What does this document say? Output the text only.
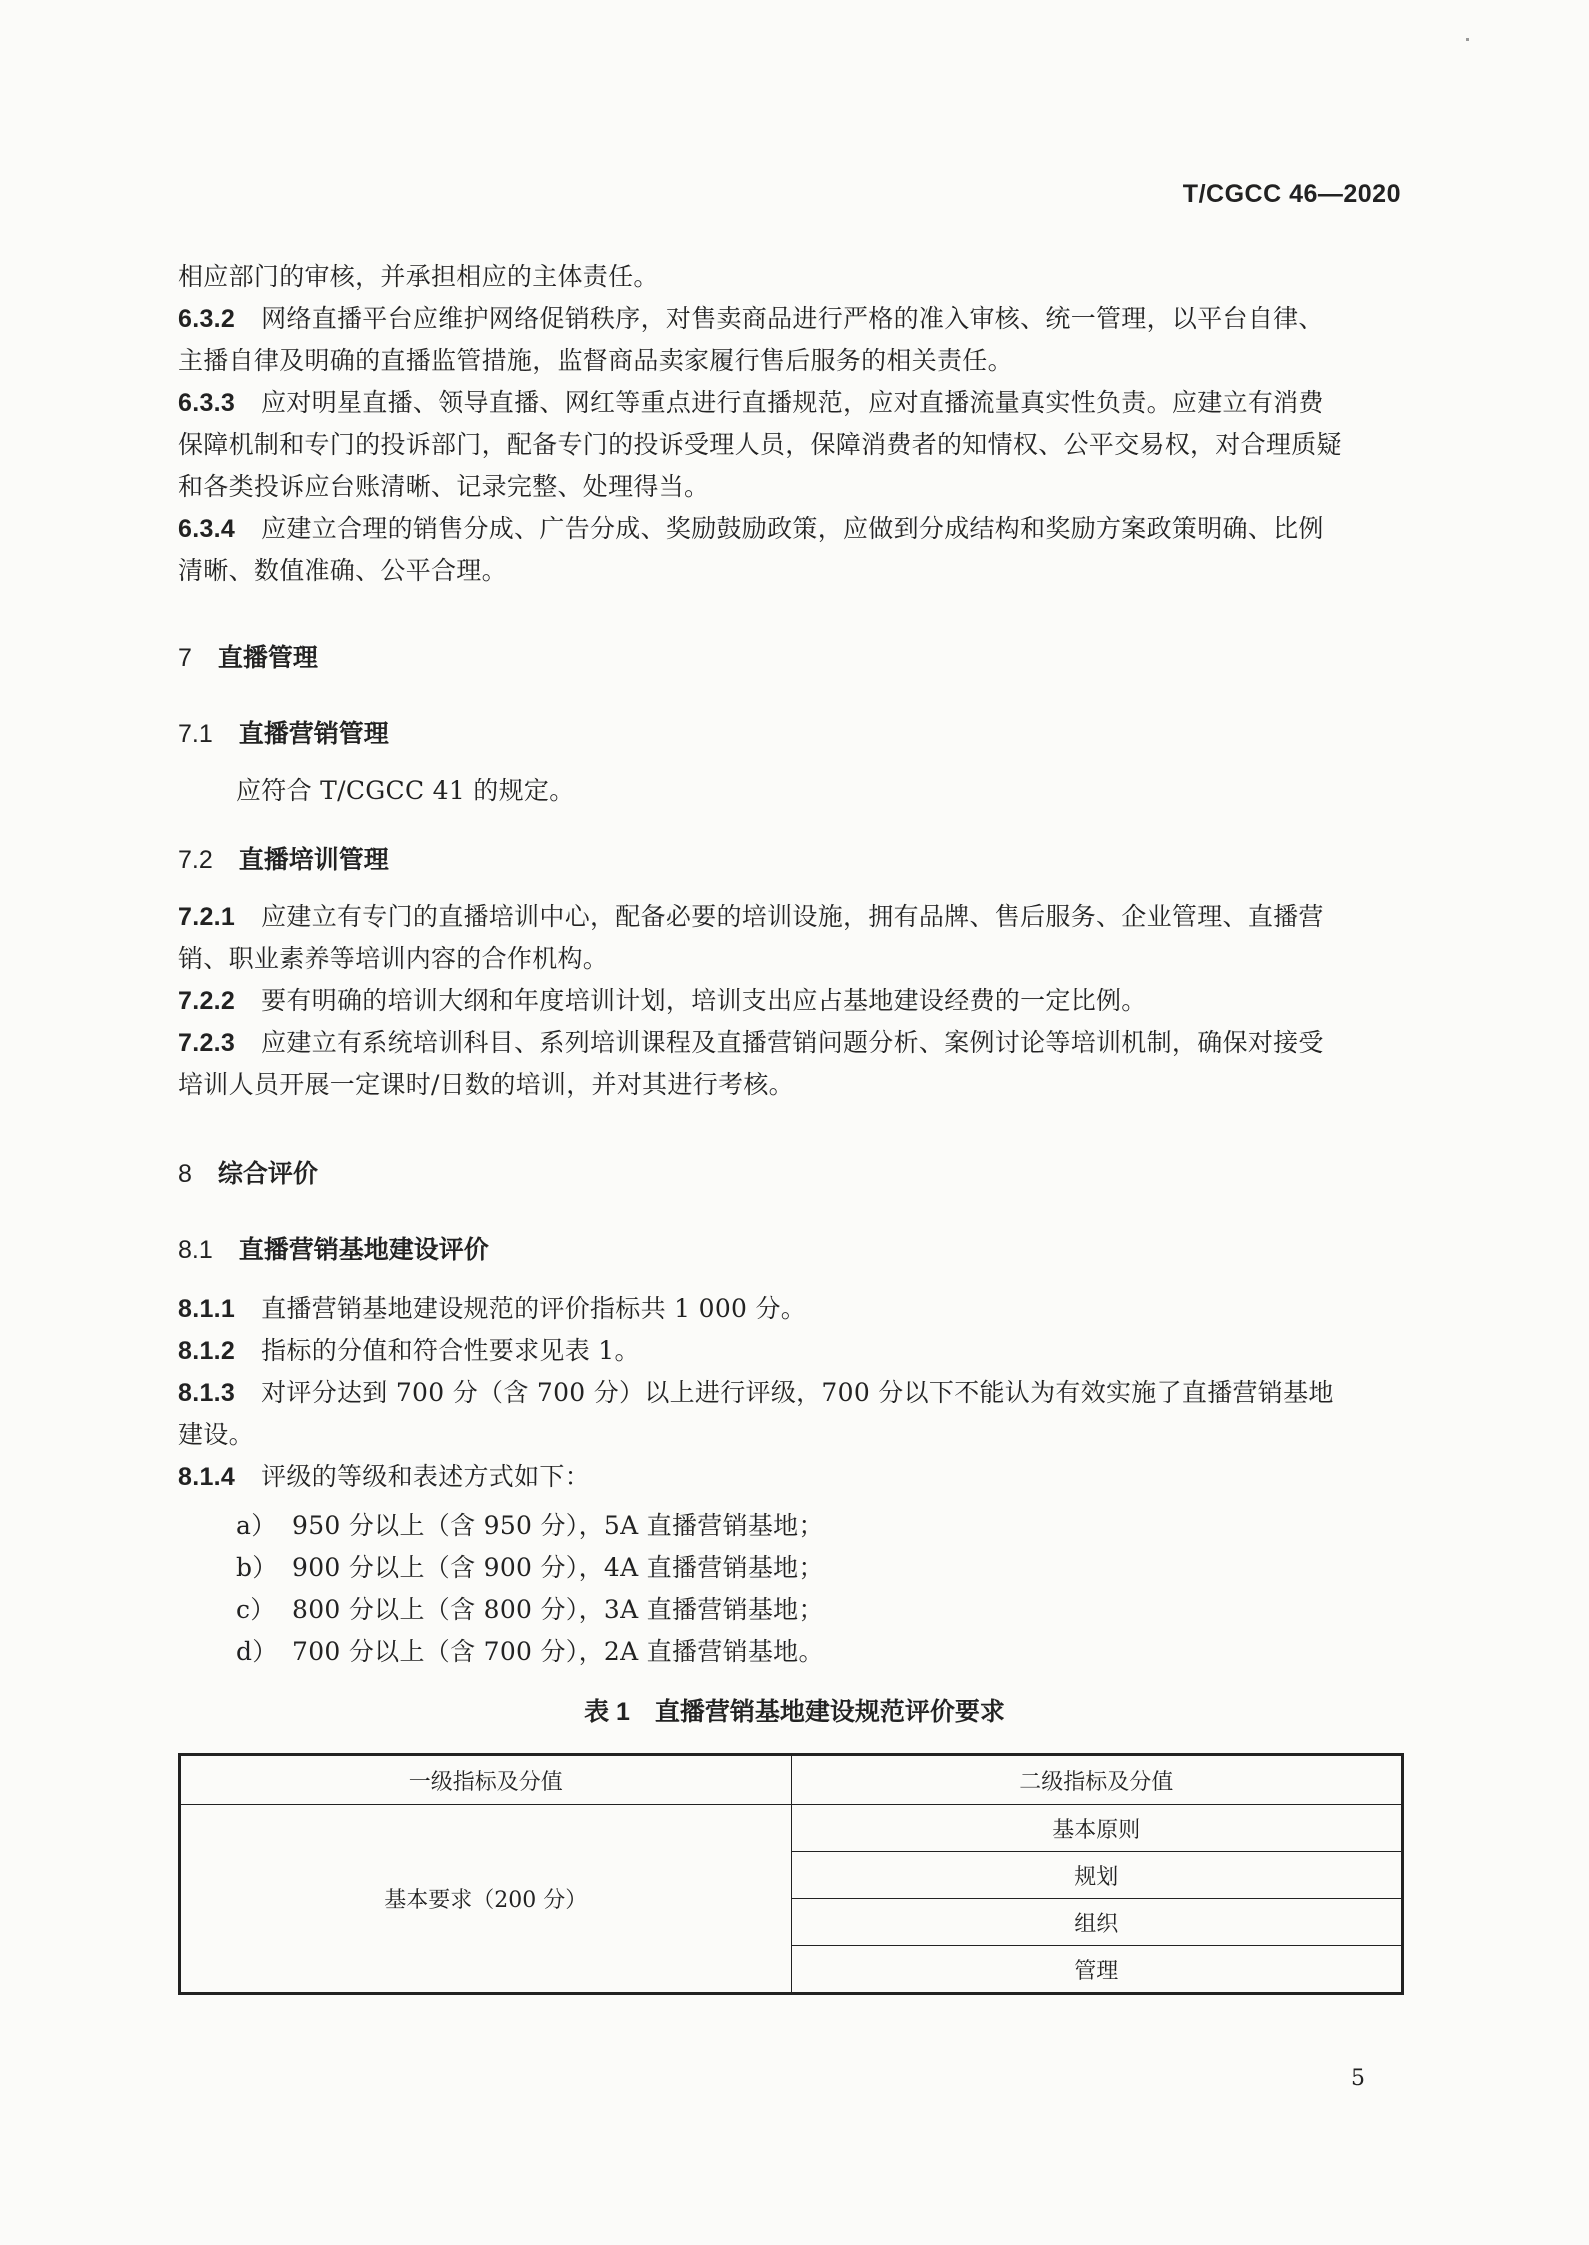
T/CGCC 46—2020
相应部门的审核，并承担相应的主体责任。
6.3.2 网络直播平台应维护网络促销秩序，对售卖商品进行严格的准入审核、统一管理，以平台自律、
主播自律及明确的直播监管措施，监督商品卖家履行售后服务的相关责任。
6.3.3 应对明星直播、领导直播、网红等重点进行直播规范，应对直播流量真实性负责。应建立有消费
保障机制和专门的投诉部门，配备专门的投诉受理人员，保障消费者的知情权、公平交易权，对合理质疑
和各类投诉应台账清晰、记录完整、处理得当。
6.3.4 应建立合理的销售分成、广告分成、奖励鼓励政策，应做到分成结构和奖励方案政策明确、比例
清晰、数值准确、公平合理。
7 直播管理
7.1 直播营销管理
应符合 T/CGCC 41 的规定。
7.2 直播培训管理
7.2.1 应建立有专门的直播培训中心，配备必要的培训设施，拥有品牌、售后服务、企业管理、直播营
销、职业素养等培训内容的合作机构。
7.2.2 要有明确的培训大纲和年度培训计划，培训支出应占基地建设经费的一定比例。
7.2.3 应建立有系统培训科目、系列培训课程及直播营销问题分析、案例讨论等培训机制，确保对接受
培训人员开展一定课时/日数的培训，并对其进行考核。
8 综合评价
8.1 直播营销基地建设评价
8.1.1 直播营销基地建设规范的评价指标共 1 000 分。
8.1.2 指标的分值和符合性要求见表 1。
8.1.3 对评分达到 700 分（含 700 分）以上进行评级，700 分以下不能认为有效实施了直播营销基地
建设。
8.1.4 评级的等级和表述方式如下：
a） 950 分以上（含 950 分），5A 直播营销基地；
b） 900 分以上（含 900 分），4A 直播营销基地；
c） 800 分以上（含 800 分），3A 直播营销基地；
d） 700 分以上（含 700 分），2A 直播营销基地。
表 1　直播营销基地建设规范评价要求
一级指标及分值	二级指标及分值
基本要求（200 分）	基本原则
	规划
	组织
	管理
5
